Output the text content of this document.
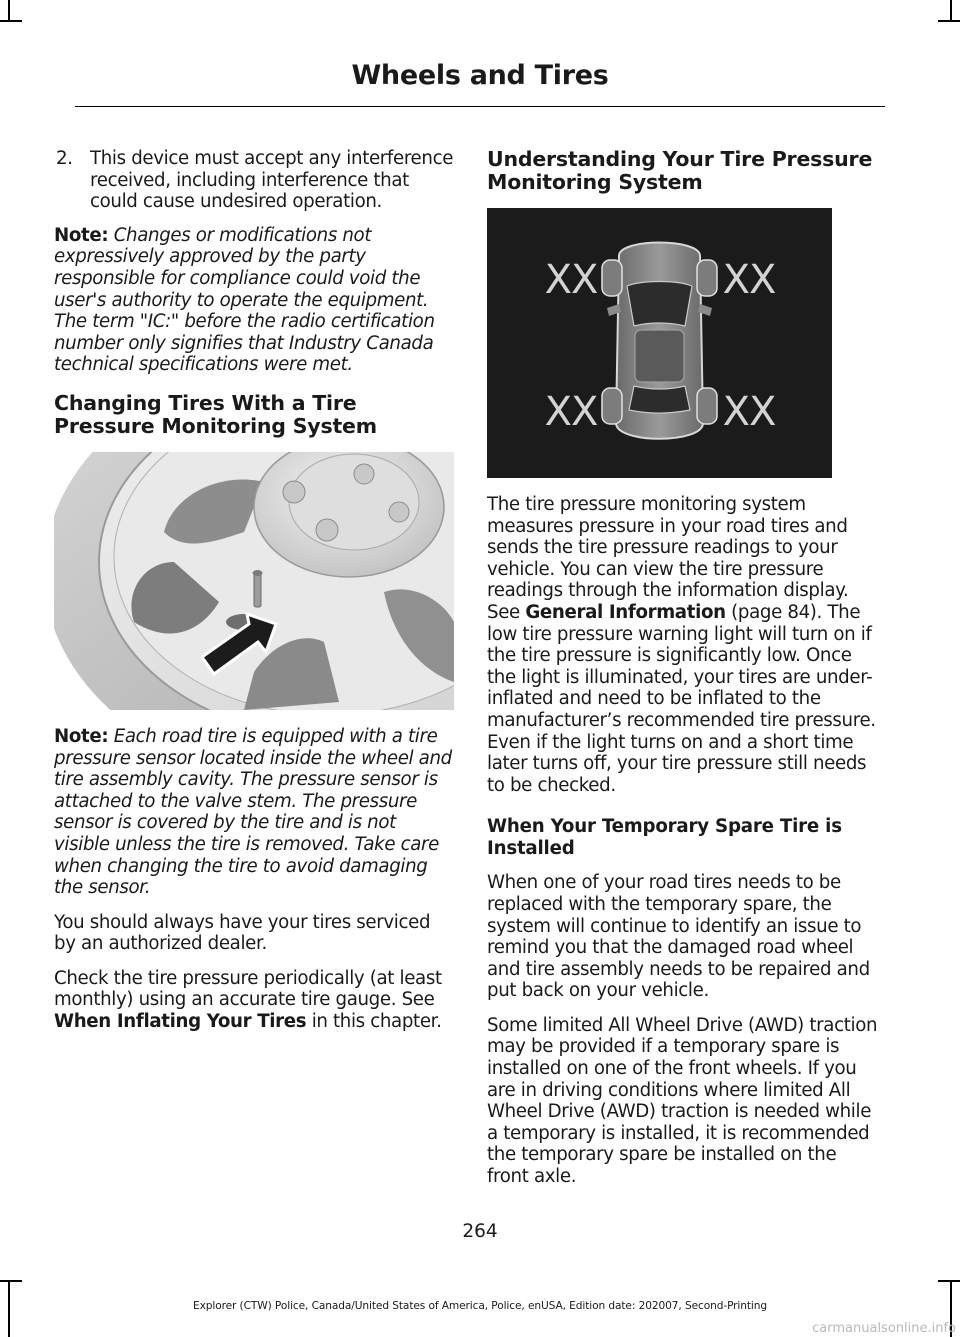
Wheels and Tires
2. This device must accept any interference received, including interference that could cause undesired operation.

Note: Changes or modifications not expressively approved by the party responsible for compliance could void the user's authority to operate the equipment. The term "IC:" before the radio certification number only signifies that Industry Canada technical specifications were met.

Changing Tires With a Tire Pressure Monitoring System

Note: Each road tire is equipped with a tire pressure sensor located inside the wheel and tire assembly cavity. The pressure sensor is attached to the valve stem. The pressure sensor is covered by the tire and is not visible unless the tire is removed. Take care when changing the tire to avoid damaging the sensor.

You should always have your tires serviced by an authorized dealer.

Check the tire pressure periodically (at least monthly) using an accurate tire gauge. See When Inflating Your Tires in this chapter.

Understanding Your Tire Pressure Monitoring System
XX	XX
XX	XX

The tire pressure monitoring system measures pressure in your road tires and sends the tire pressure readings to your vehicle. You can view the tire pressure readings through the information display. See General Information (page 84). The low tire pressure warning light will turn on if the tire pressure is significantly low. Once the light is illuminated, your tires are under-inflated and need to be inflated to the manufacturer’s recommended tire pressure. Even if the light turns on and a short time later turns off, your tire pressure still needs to be checked.

When Your Temporary Spare Tire is Installed

When one of your road tires needs to be replaced with the temporary spare, the system will continue to identify an issue to remind you that the damaged road wheel and tire assembly needs to be repaired and put back on your vehicle.

Some limited All Wheel Drive (AWD) traction may be provided if a temporary spare is installed on one of the front wheels. If you are in driving conditions where limited All Wheel Drive (AWD) traction is needed while a temporary is installed, it is recommended the temporary spare be installed on the front axle.

264
Explorer (CTW) Police, Canada/United States of America, Police, enUSA, Edition date: 202007, Second-Printing
carmanualsonline.info
